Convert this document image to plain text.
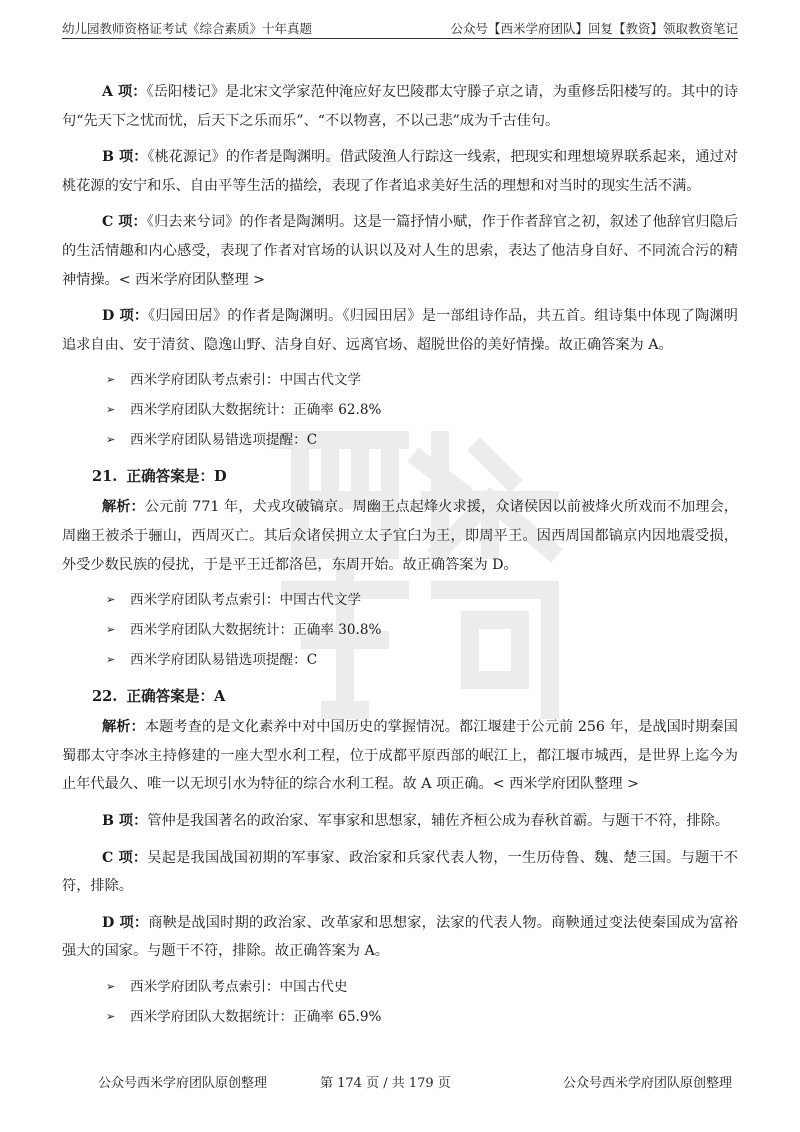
幼儿园教师资格证考试《综合素质》十年真题	公众号【西米学府团队】回复【教资】领取教资笔记

A 项：《岳阳楼记》是北宋文学家范仲淹应好友巴陵郡太守滕子京之请，为重修岳阳楼写的。其中的诗句“先天下之忧而忧，后天下之乐而乐”、“不以物喜，不以己悲”成为千古佳句。

B 项：《桃花源记》的作者是陶渊明。借武陵渔人行踪这一线索，把现实和理想境界联系起来，通过对桃花源的安宁和乐、自由平等生活的描绘，表现了作者追求美好生活的理想和对当时的现实生活不满。

C 项：《归去来兮词》的作者是陶渊明。这是一篇抒情小赋，作于作者辞官之初，叙述了他辞官归隐后的生活情趣和内心感受，表现了作者对官场的认识以及对人生的思索，表达了他洁身自好、不同流合污的精神情操。< 西米学府团队整理 >

D 项：《归园田居》的作者是陶渊明。《归园田居》是一部组诗作品，共五首。组诗集中体现了陶渊明追求自由、安于清贫、隐逸山野、洁身自好、远离官场、超脱世俗的美好情操。故正确答案为 A。

➢ 西米学府团队考点索引：中国古代文学
➢ 西米学府团队大数据统计：正确率 62.8%
➢ 西米学府团队易错选项提醒：C
21. 正确答案是：D

解析：公元前 771 年，犬戎攻破镐京。周幽王点起烽火求援，众诸侯因以前被烽火所戏而不加理会，周幽王被杀于骊山，西周灭亡。其后众诸侯拥立太子宜臼为王，即周平王。因西周国都镐京内因地震受损，外受少数民族的侵扰，于是平王迁都洛邑，东周开始。故正确答案为 D。

➢ 西米学府团队考点索引：中国古代文学
➢ 西米学府团队大数据统计：正确率 30.8%
➢ 西米学府团队易错选项提醒：C
22. 正确答案是：A

解析：本题考查的是文化素养中对中国历史的掌握情况。都江堰建于公元前 256 年，是战国时期秦国蜀郡太守李冰主持修建的一座大型水利工程，位于成都平原西部的岷江上，都江堰市城西，是世界上迄今为止年代最久、唯一以无坝引水为特征的综合水利工程。故 A 项正确。< 西米学府团队整理 >

B 项：管仲是我国著名的政治家、军事家和思想家，辅佐齐桓公成为春秋首霸。与题干不符，排除。

C 项：吴起是我国战国初期的军事家、政治家和兵家代表人物，一生历侍鲁、魏、楚三国。与题干不符，排除。

D 项：商鞅是战国时期的政治家、改革家和思想家，法家的代表人物。商鞅通过变法使秦国成为富裕强大的国家。与题干不符，排除。故正确答案为 A。

➢ 西米学府团队考点索引：中国古代史
➢ 西米学府团队大数据统计：正确率 65.9%
公众号西米学府团队原创整理	第 174 页 / 共 179 页	公众号西米学府团队原创整理
